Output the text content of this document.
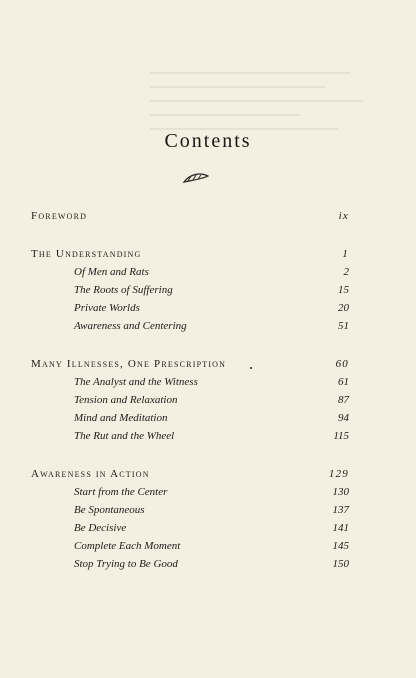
Contents
Foreword	ix
The Understanding	1
Of Men and Rats	2
The Roots of Suffering	15
Private Worlds	20
Awareness and Centering	51
Many Illnesses, One Prescription	60
The Analyst and the Witness	61
Tension and Relaxation	87
Mind and Meditation	94
The Rut and the Wheel	115
Awareness in Action	129
Start from the Center	130
Be Spontaneous	137
Be Decisive	141
Complete Each Moment	145
Stop Trying to Be Good	150
